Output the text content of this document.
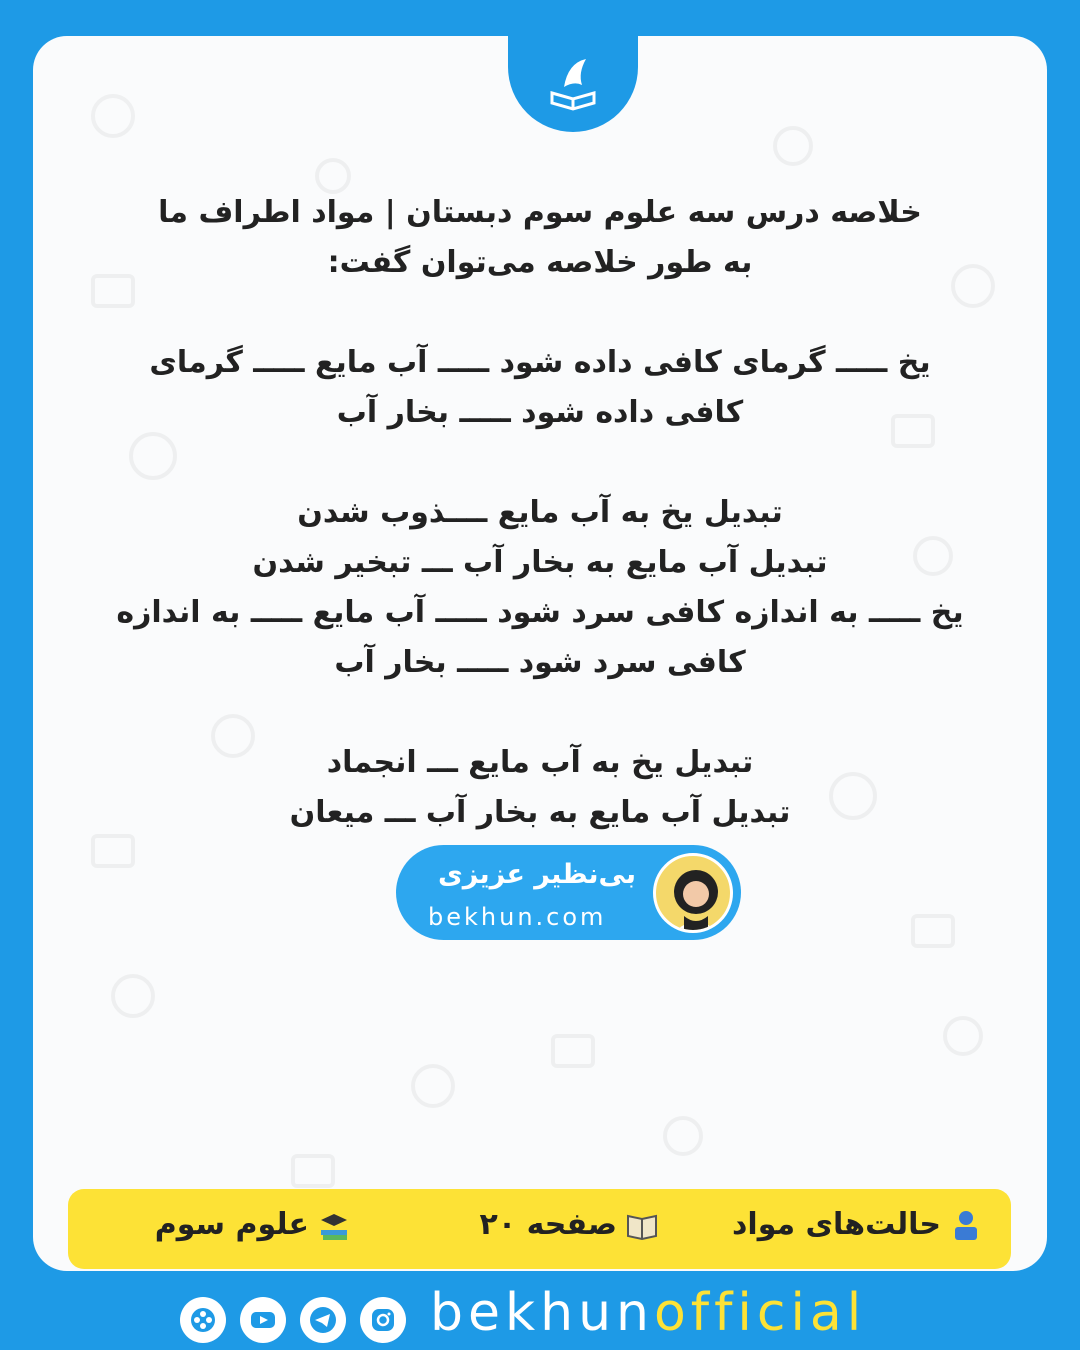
خلاصه درس سه علوم سوم دبستان | مواد اطراف ما
به طور خلاصه می‌توان گفت:
یخ ـــــ گرمای کافی داده شود ـــــ آب مایع ـــــ گرمای
کافی داده شود ـــــ بخار آب
تبدیل یخ به آب مایع ــــذوب شدن
تبدیل آب مایع به بخار آب ـــ تبخیر شدن
یخ ـــــ به اندازه کافی سرد شود ـــــ آب مایع ـــــ به اندازه
کافی سرد شود ـــــ بخار آب
تبدیل یخ به آب مایع ـــ انجماد
تبدیل آب مایع به بخار آب ـــ میعان
بی‌نظیر عزیزی
bekhun.com
حالت‌های مواد
صفحه ۲۰
علوم سوم
bekhunofficial
